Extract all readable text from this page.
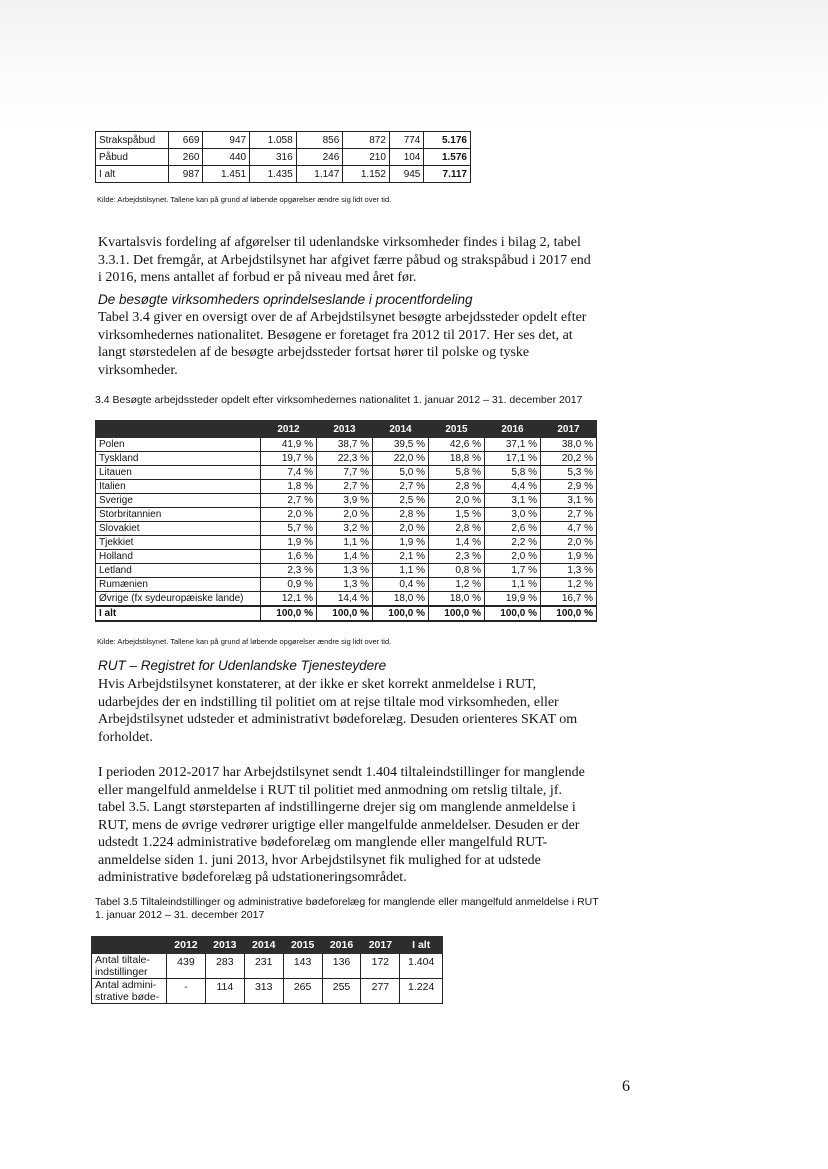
Strakspåbud	669	947	1.058	856	872	774	5.176
Påbud	260	440	316	246	210	104	1.576
I alt	987	1.451	1.435	1.147	1.152	945	7.117
Kilde: Arbejdstilsynet. Tallene kan på grund af løbende opgørelser ændre sig lidt over tid.

Kvartalsvis fordeling af afgørelser til udenlandske virksomheder findes i bilag 2, tabel 3.3.1. Det fremgår, at Arbejdstilsynet har afgivet færre påbud og strakspåbud i 2017 end i 2016, mens antallet af forbud er på niveau med året før.

De besøgte virksomheders oprindelseslande i procentfordeling

Tabel 3.4 giver en oversigt over de af Arbejdstilsynet besøgte arbejdssteder opdelt efter virksomhedernes nationalitet. Besøgene er foretaget fra 2012 til 2017. Her ses det, at langt størstedelen af de besøgte arbejdssteder fortsat hører til polske og tyske virksomheder.

3.4 Besøgte arbejdssteder opdelt efter virksomhedernes nationalitet 1. januar 2012 – 31. december 2017
	2012	2013	2014	2015	2016	2017
Polen	41,9 %	38,7 %	39,5 %	42,6 %	37,1 %	38,0 %
Tyskland	19,7 %	22,3 %	22,0 %	18,8 %	17,1 %	20,2 %
Litauen	7,4 %	7,7 %	5,0 %	5,8 %	5,8 %	5,3 %
Italien	1,8 %	2,7 %	2,7 %	2,8 %	4,4 %	2,9 %
Sverige	2,7 %	3,9 %	2,5 %	2,0 %	3,1 %	3,1 %
Storbritannien	2,0 %	2,0 %	2,8 %	1,5 %	3,0 %	2,7 %
Slovakiet	5,7 %	3,2 %	2,0 %	2,8 %	2,6 %	4,7 %
Tjekkiet	1,9 %	1,1 %	1,9 %	1,4 %	2,2 %	2,0 %
Holland	1,6 %	1,4 %	2,1 %	2,3 %	2,0 %	1,9 %
Letland	2,3 %	1,3 %	1,1 %	0,8 %	1,7 %	1,3 %
Rumænien	0,9 %	1,3 %	0,4 %	1,2 %	1,1 %	1,2 %
Øvrige (fx sydeuropæiske lande)	12,1 %	14,4 %	18,0 %	18,0 %	19,9 %	16,7 %
I alt	100,0 %	100,0 %	100,0 %	100,0 %	100,0 %	100,0 %
Kilde: Arbejdstilsynet. Tallene kan på grund af løbende opgørelser ændre sig lidt over tid.

RUT – Registret for Udenlandske Tjenesteydere

Hvis Arbejdstilsynet konstaterer, at der ikke er sket korrekt anmeldelse i RUT, udarbejdes der en indstilling til politiet om at rejse tiltale mod virksomheden, eller Arbejdstilsynet udsteder et administrativt bødeforelæg. Desuden orienteres SKAT om forholdet.

I perioden 2012-2017 har Arbejdstilsynet sendt 1.404 tiltaleindstillinger for manglende eller mangelfuld anmeldelse i RUT til politiet med anmodning om retslig tiltale, jf. tabel 3.5. Langt størsteparten af indstillingerne drejer sig om manglende anmeldelse i RUT, mens de øvrige vedrører urigtige eller mangelfulde anmeldelser. Desuden er der udstedt 1.224 administrative bødeforelæg om manglende eller mangelfuld RUT-anmeldelse siden 1. juni 2013, hvor Arbejdstilsynet fik mulighed for at udstede administrative bødeforelæg på udstationeringsområdet.

Tabel 3.5 Tiltaleindstillinger og administrative bødeforelæg for manglende eller mangelfuld anmeldelse i RUT 1. januar 2012 – 31. december 2017
	2012	2013	2014	2015	2016	2017	I alt
Antal tiltale-indstillinger	439	283	231	143	136	172	1.404
Antal admini-strative bøde-	-	114	313	265	255	277	1.224
6
